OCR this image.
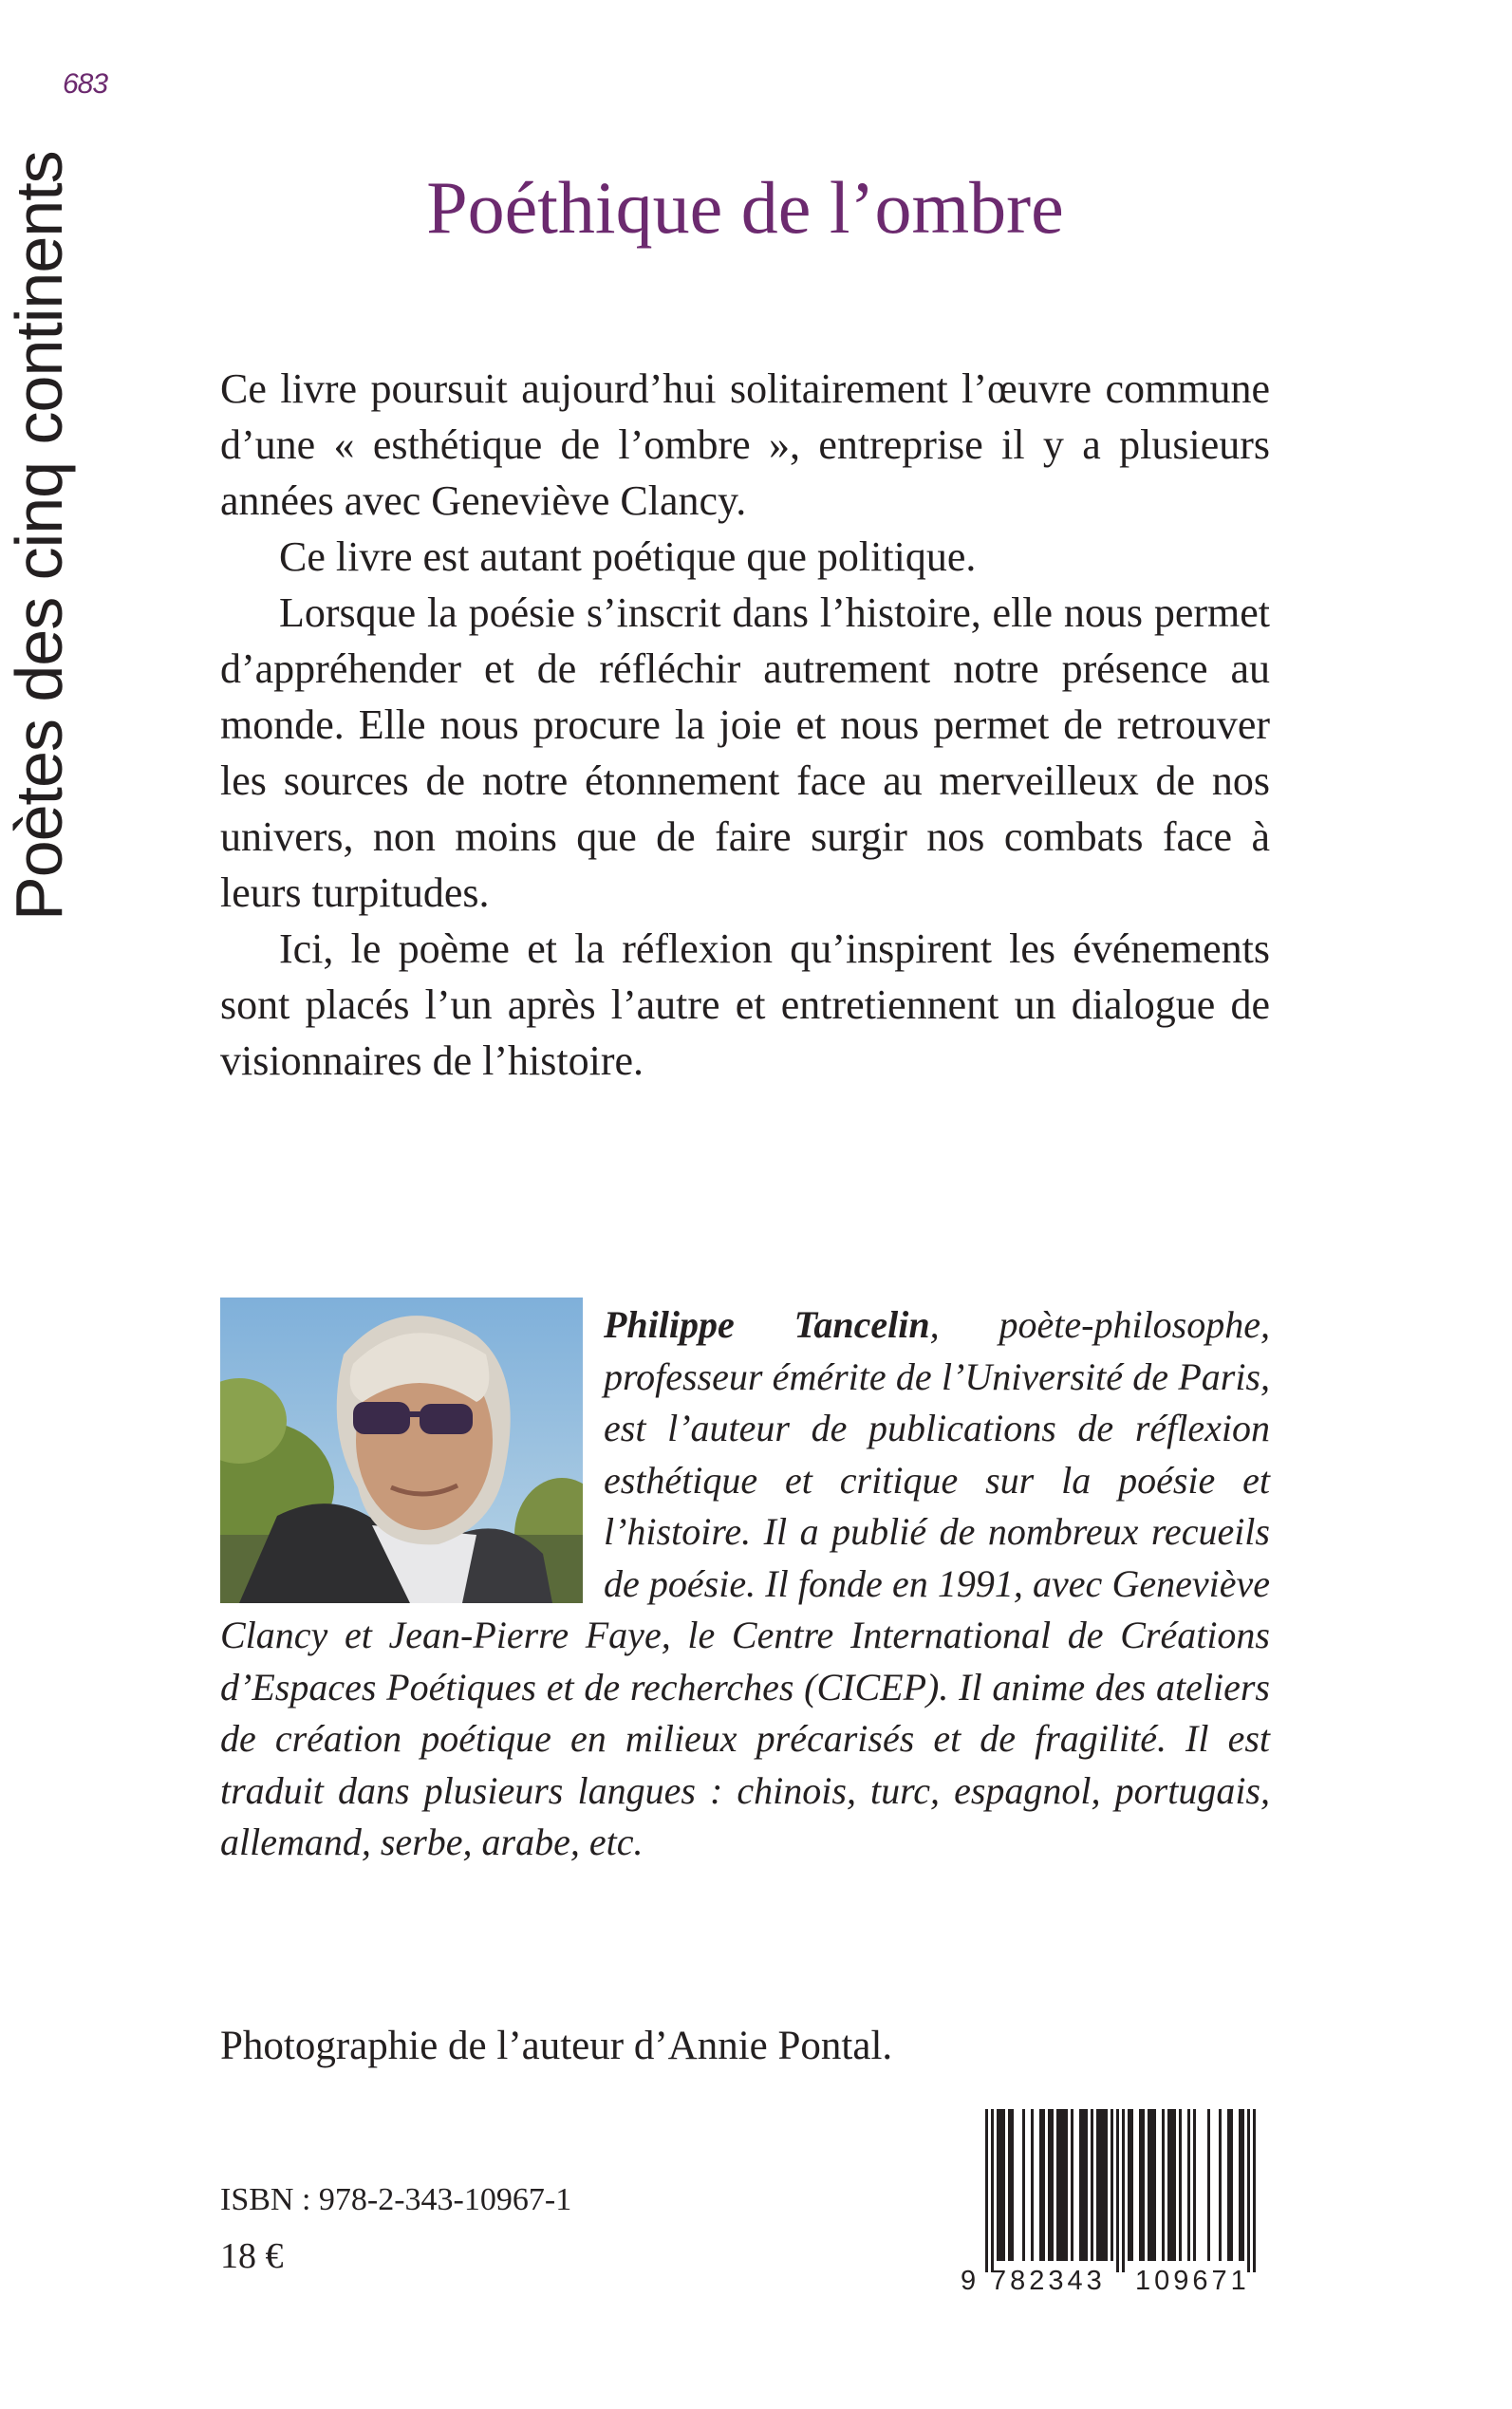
683
Poètes des cinq continents	Poéthique de l’ombre

Ce livre poursuit aujourd’hui solitairement l’œuvre commune d’une « esthétique de l’ombre », entreprise il y a plusieurs années avec Geneviève Clancy.

Ce livre est autant poétique que politique.

Lorsque la poésie s’inscrit dans l’histoire, elle nous permet d’appréhender et de réfléchir autrement notre présence au monde. Elle nous procure la joie et nous permet de retrouver les sources de notre étonnement face au merveilleux de nos univers, non moins que de faire surgir nos combats face à leurs turpitudes.

Ici, le poème et la réflexion qu’inspirent les événements sont placés l’un après l’autre et entretiennent un dialogue de visionnaires de l’histoire.

Philippe Tancelin, poète-philosophe, professeur émérite de l’Université de Paris, est l’auteur de publications de réflexion esthétique et critique sur la poésie et l’histoire. Il a publié de nombreux recueils de poésie. Il fonde en 1991, avec Geneviève Clancy et Jean-Pierre Faye, le Centre International de Créations d’Espaces Poétiques et de recherches (CICEP). Il anime des ateliers de création poétique en milieux précarisés et de fragilité. Il est traduit dans plusieurs langues : chinois, turc, espagnol, portugais, allemand, serbe, arabe, etc.

Photographie de l’auteur d’Annie Pontal.
ISBN : 978-2-343-10967-1
18 €
9 782343 109671
